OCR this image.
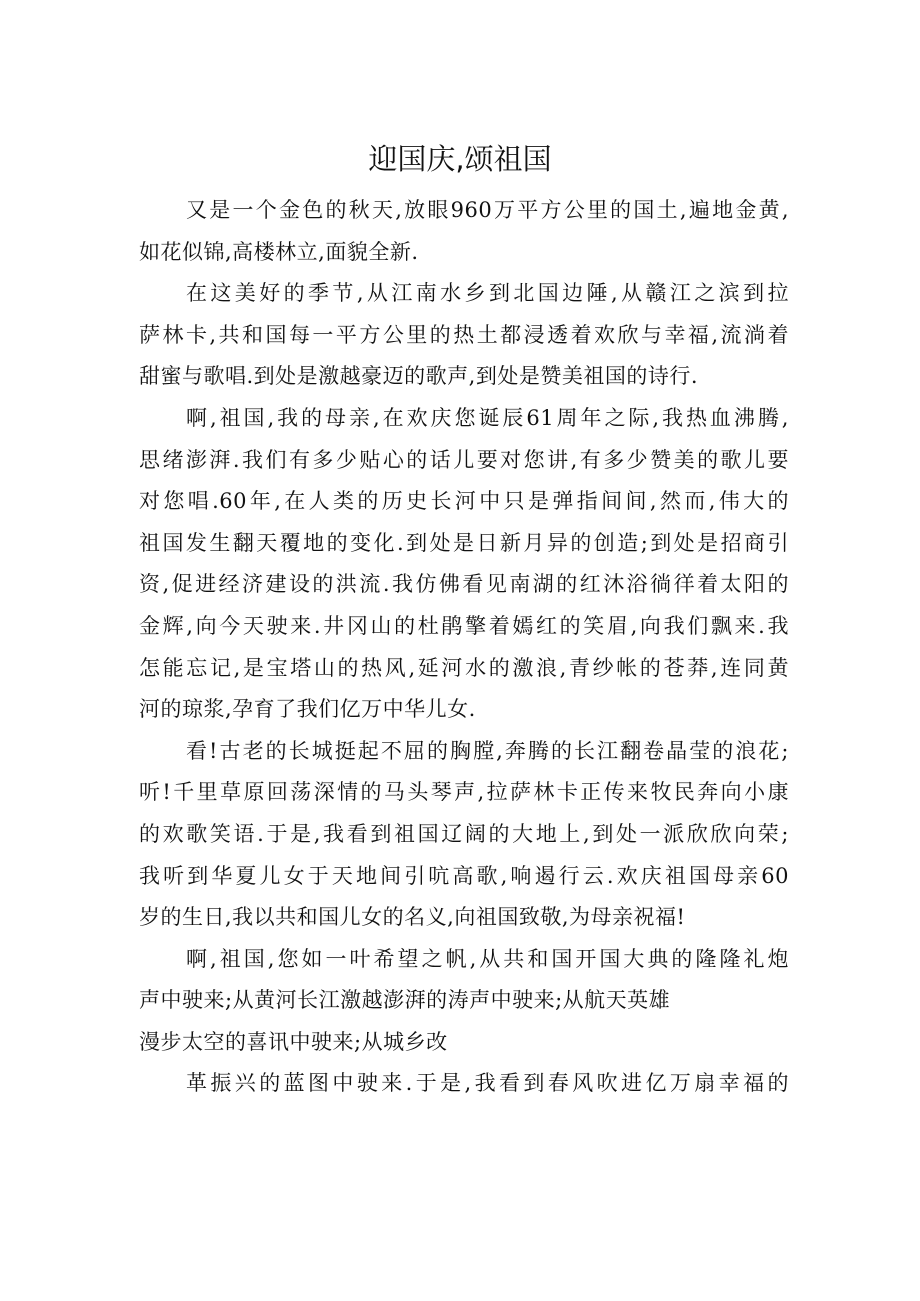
迎国庆,颂祖国
又是一个金色的秋天,放眼960万平方公里的国土,遍地金黄,
如花似锦,高楼林立,面貌全新.
在这美好的季节,从江南水乡到北国边陲,从赣江之滨到拉
萨林卡,共和国每一平方公里的热土都浸透着欢欣与幸福,流淌着
甜蜜与歌唱.到处是激越豪迈的歌声,到处是赞美祖国的诗行.
啊,祖国,我的母亲,在欢庆您诞辰61周年之际,我热血沸腾,
思绪澎湃.我们有多少贴心的话儿要对您讲,有多少赞美的歌儿要
对您唱.60年,在人类的历史长河中只是弹指间间,然而,伟大的
祖国发生翻天覆地的变化.到处是日新月异的创造;到处是招商引
资,促进经济建设的洪流.我仿佛看见南湖的红沐浴徜徉着太阳的
金辉,向今天驶来.井冈山的杜鹃擎着嫣红的笑眉,向我们飘来.我
怎能忘记,是宝塔山的热风,延河水的激浪,青纱帐的苍莽,连同黄
河的琼浆,孕育了我们亿万中华儿女.
看!古老的长城挺起不屈的胸膛,奔腾的长江翻卷晶莹的浪花;
听!千里草原回荡深情的马头琴声,拉萨林卡正传来牧民奔向小康
的欢歌笑语.于是,我看到祖国辽阔的大地上,到处一派欣欣向荣;
我听到华夏儿女于天地间引吭高歌,响遏行云.欢庆祖国母亲60
岁的生日,我以共和国儿女的名义,向祖国致敬,为母亲祝福!
啊,祖国,您如一叶希望之帆,从共和国开国大典的隆隆礼炮
声中驶来;从黄河长江激越澎湃的涛声中驶来;从航天英雄
漫步太空的喜讯中驶来;从城乡改
革振兴的蓝图中驶来.于是,我看到春风吹进亿万扇幸福的
